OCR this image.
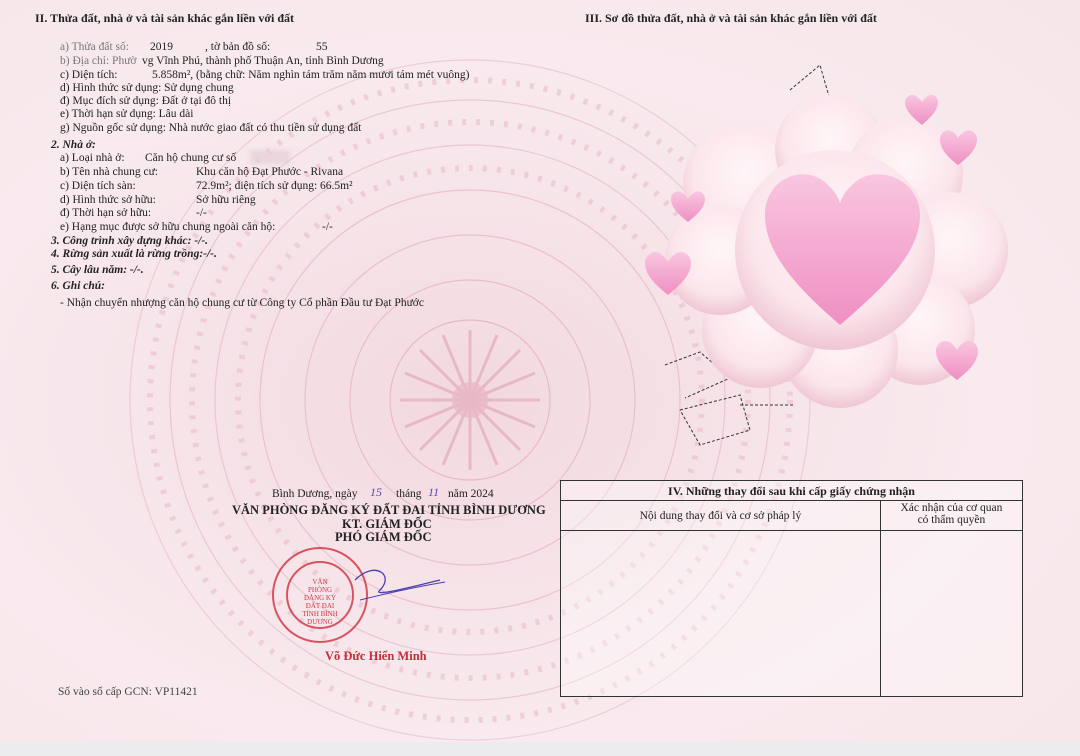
II. Thửa đất, nhà ở và tài sản khác gắn liền với đất
a) Thửa đất số: 2019	, tờ bản đồ số:	55
b) Địa chỉ: Phườ vg Vĩnh Phú, thành phố Thuận An, tỉnh Bình Dương
c) Diện tích:	5.858m², (bằng chữ: Năm nghìn tám trăm năm mươi tám mét vuông)
d) Hình thức sử dụng: Sử dụng chung
đ) Mục đích sử dụng: Đất ở tại đô thị
e) Thời hạn sử dụng: Lâu dài
g) Nguồn gốc sử dụng: Nhà nước giao đất có thu tiền sử dụng đất
2. Nhà ở:
a) Loại nhà ở: Căn hộ chung cư số
b) Tên nhà chung cư:	Khu căn hộ Đạt Phước - Rivana
c) Diện tích sàn:	72.9m²; diện tích sử dụng: 66.5m²
d) Hình thức sở hữu:	Sở hữu riêng
đ) Thời hạn sở hữu:	-/-
e) Hạng mục được sở hữu chung ngoài căn hộ:	-/-
3. Công trình xây dựng khác: -/-.
4. Rừng sản xuất là rừng trồng:-/-.
5. Cây lâu năm: -/-.
6. Ghi chú:
- Nhận chuyển nhượng căn hộ chung cư từ Công ty Cổ phần Đầu tư Đạt Phước
III. Sơ đồ thửa đất, nhà ở và tài sản khác gắn liền với đất
Bình Dương, ngày 15 tháng 11 năm 2024
VĂN PHÒNG ĐĂNG KÝ ĐẤT ĐAI TỈNH BÌNH DƯƠNG
KT. GIÁM ĐỐC
PHÓ GIÁM ĐỐC
VĂN PHÒNG ĐĂNG KÝ ĐẤT ĐAI TỈNH BÌNH DƯƠNG
Võ Đức Hiển Minh
Số vào sổ cấp GCN: VP11421
IV. Những thay đổi sau khi cấp giấy chứng nhận	
Nội dung thay đổi và cơ sở pháp lý	Xác nhận của cơ quan
có thẩm quyền
